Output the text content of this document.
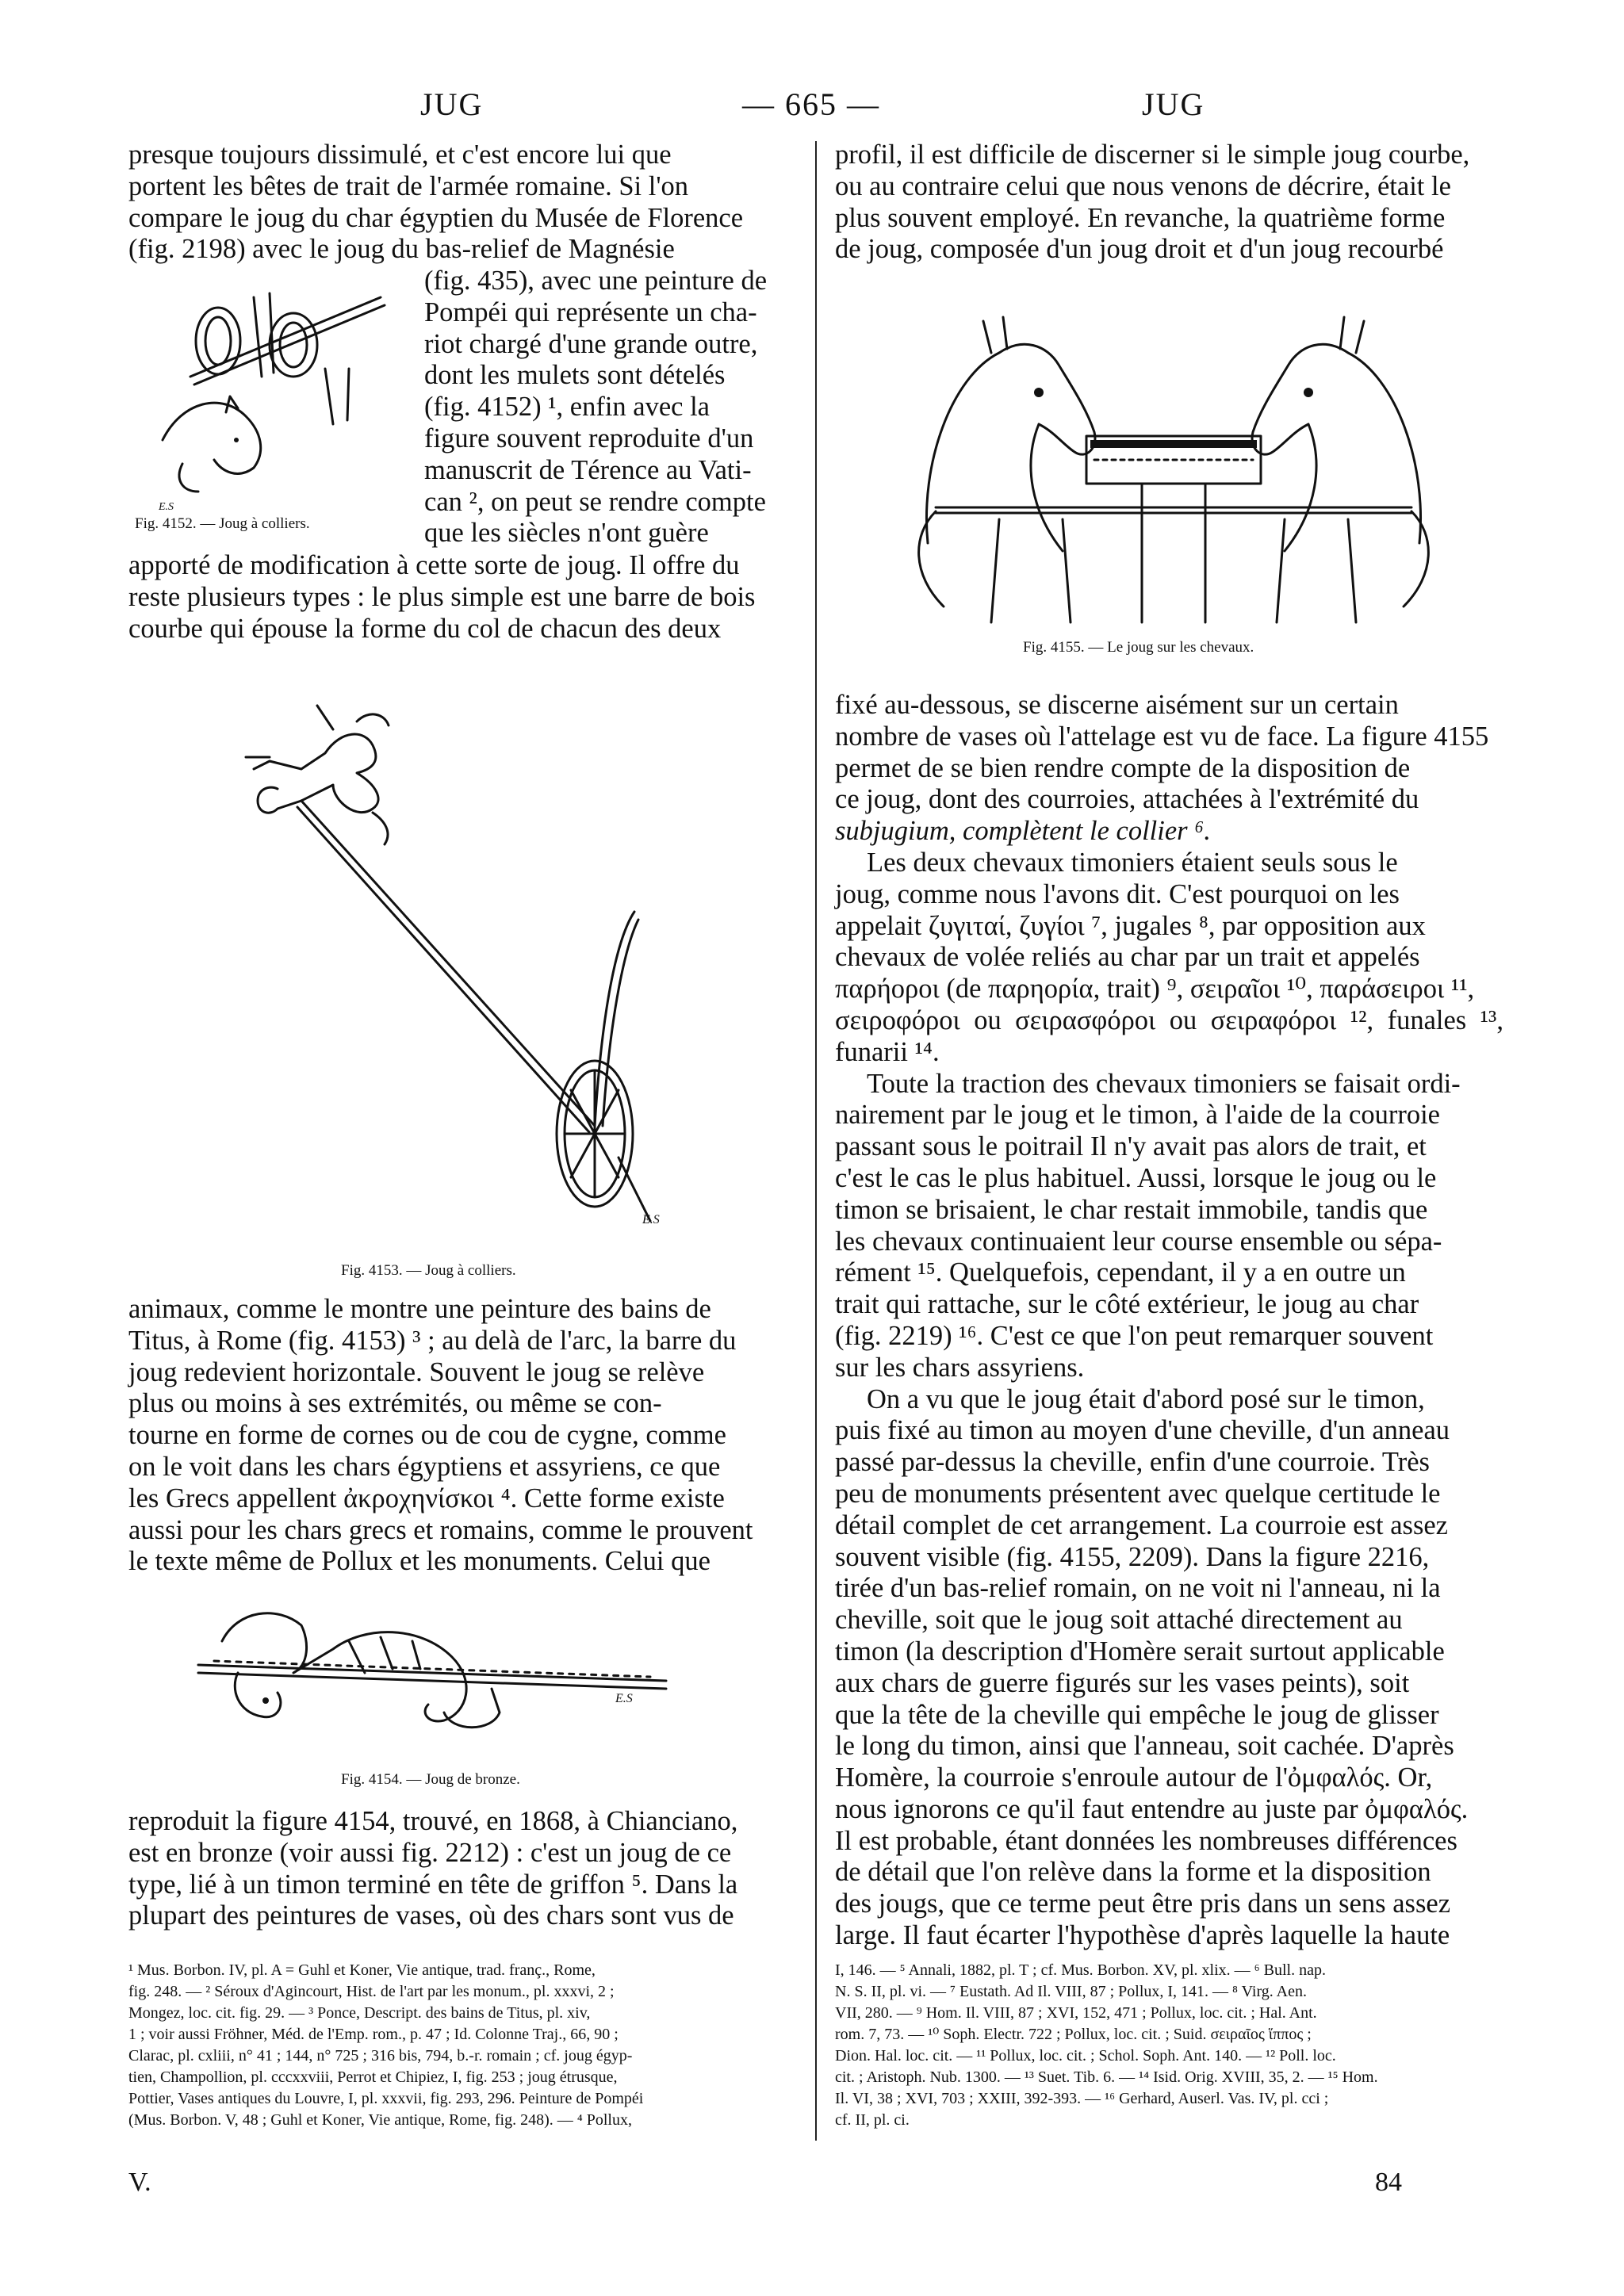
JUG	— 665 —	JUG

presque toujours dissimulé, et c'est encore lui que

portent les bêtes de trait de l'armée romaine. Si l'on

compare le joug du char égyptien du Musée de Florence

(fig. 2198) avec le joug du bas-relief de Magnésie

E.S
Fig. 4152. — Joug à colliers.

(fig. 435), avec une peinture de

Pompéi qui représente un cha-

riot chargé d'une grande outre,

dont les mulets sont dételés

(fig. 4152) ¹, enfin avec la

figure souvent reproduite d'un

manuscrit de Térence au Vati-

can ², on peut se rendre compte

que les siècles n'ont guère

apporté de modification à cette sorte de joug. Il offre du

reste plusieurs types : le plus simple est une barre de bois

courbe qui épouse la forme du col de chacun des deux

E.S
Fig. 4153. — Joug à colliers.

animaux, comme le montre une peinture des bains de

Titus, à Rome (fig. 4153) ³ ; au delà de l'arc, la barre du

joug redevient horizontale. Souvent le joug se relève

plus ou moins à ses extrémités, ou même se con-

tourne en forme de cornes ou de cou de cygne, comme

on le voit dans les chars égyptiens et assyriens, ce que

les Grecs appellent ἀκροχηνίσκοι ⁴. Cette forme existe

aussi pour les chars grecs et romains, comme le prouvent

le texte même de Pollux et les monuments. Celui que

E.S
Fig. 4154. — Joug de bronze.

reproduit la figure 4154, trouvé, en 1868, à Chianciano,

est en bronze (voir aussi fig. 2212) : c'est un joug de ce

type, lié à un timon terminé en tête de griffon ⁵. Dans la

plupart des peintures de vases, où des chars sont vus de

profil, il est difficile de discerner si le simple joug courbe,

ou au contraire celui que nous venons de décrire, était le

plus souvent employé. En revanche, la quatrième forme

de joug, composée d'un joug droit et d'un joug recourbé

Fig. 4155. — Le joug sur les chevaux.

fixé au-dessous, se discerne aisément sur un certain

nombre de vases où l'attelage est vu de face. La figure 4155

permet de se bien rendre compte de la disposition de

ce joug, dont des courroies, attachées à l'extrémité du

subjugium, complètent le collier ⁶.

Les deux chevaux timoniers étaient seuls sous le

joug, comme nous l'avons dit. C'est pourquoi on les

appelait ζυγιταί, ζυγίοι ⁷, jugales ⁸, par opposition aux

chevaux de volée reliés au char par un trait et appelés

παρήοροι (de παρηορία, trait) ⁹, σειραῖοι ¹⁰, παράσειροι ¹¹,

σειροφόροι ou σειρασφόροι ou σειραφόροι ¹², funales ¹³, funarii ¹⁴.

Toute la traction des chevaux timoniers se faisait ordi-

nairement par le joug et le timon, à l'aide de la courroie

passant sous le poitrail Il n'y avait pas alors de trait, et

c'est le cas le plus habituel. Aussi, lorsque le joug ou le

timon se brisaient, le char restait immobile, tandis que

les chevaux continuaient leur course ensemble ou sépa-

rément ¹⁵. Quelquefois, cependant, il y a en outre un

trait qui rattache, sur le côté extérieur, le joug au char

(fig. 2219) ¹⁶. C'est ce que l'on peut remarquer souvent

sur les chars assyriens.

On a vu que le joug était d'abord posé sur le timon,

puis fixé au timon au moyen d'une cheville, d'un anneau

passé par-dessus la cheville, enfin d'une courroie. Très

peu de monuments présentent avec quelque certitude le

détail complet de cet arrangement. La courroie est assez

souvent visible (fig. 4155, 2209). Dans la figure 2216,

tirée d'un bas-relief romain, on ne voit ni l'anneau, ni la

cheville, soit que le joug soit attaché directement au

timon (la description d'Homère serait surtout applicable

aux chars de guerre figurés sur les vases peints), soit

que la tête de la cheville qui empêche le joug de glisser

le long du timon, ainsi que l'anneau, soit cachée. D'après

Homère, la courroie s'enroule autour de l'ὀμφαλός. Or,

nous ignorons ce qu'il faut entendre au juste par ὀμφαλός.

Il est probable, étant données les nombreuses différences

de détail que l'on relève dans la forme et la disposition

des jougs, que ce terme peut être pris dans un sens assez

large. Il faut écarter l'hypothèse d'après laquelle la haute

¹ Mus. Borbon. IV, pl. A = Guhl et Koner, Vie antique, trad. franç., Rome,

fig. 248. — ² Séroux d'Agincourt, Hist. de l'art par les monum., pl. xxxvi, 2 ;

Mongez, loc. cit. fig. 29. — ³ Ponce, Descript. des bains de Titus, pl. xiv,

1 ; voir aussi Fröhner, Méd. de l'Emp. rom., p. 47 ; Id. Colonne Traj., 66, 90 ;

Clarac, pl. cxliii, n° 41 ; 144, n° 725 ; 316 bis, 794, b.-r. romain ; cf. joug égyp-

tien, Champollion, pl. cccxxviii, Perrot et Chipiez, I, fig. 253 ; joug étrusque,

Pottier, Vases antiques du Louvre, I, pl. xxxvii, fig. 293, 296. Peinture de Pompéi

(Mus. Borbon. V, 48 ; Guhl et Koner, Vie antique, Rome, fig. 248). — ⁴ Pollux,

I, 146. — ⁵ Annali, 1882, pl. T ; cf. Mus. Borbon. XV, pl. xlix. — ⁶ Bull. nap.

N. S. II, pl. vi. — ⁷ Eustath. Ad Il. VIII, 87 ; Pollux, I, 141. — ⁸ Virg. Aen.

VII, 280. — ⁹ Hom. Il. VIII, 87 ; XVI, 152, 471 ; Pollux, loc. cit. ; Hal. Ant.

rom. 7, 73. — ¹⁰ Soph. Electr. 722 ; Pollux, loc. cit. ; Suid. σειραῖος ἵππος ;

Dion. Hal. loc. cit. — ¹¹ Pollux, loc. cit. ; Schol. Soph. Ant. 140. — ¹² Poll. loc.

cit. ; Aristoph. Nub. 1300. — ¹³ Suet. Tib. 6. — ¹⁴ Isid. Orig. XVIII, 35, 2. — ¹⁵ Hom.

Il. VI, 38 ; XVI, 703 ; XXIII, 392-393. — ¹⁶ Gerhard, Auserl. Vas. IV, pl. cci ;

cf. II, pl. ci.

V.	84
